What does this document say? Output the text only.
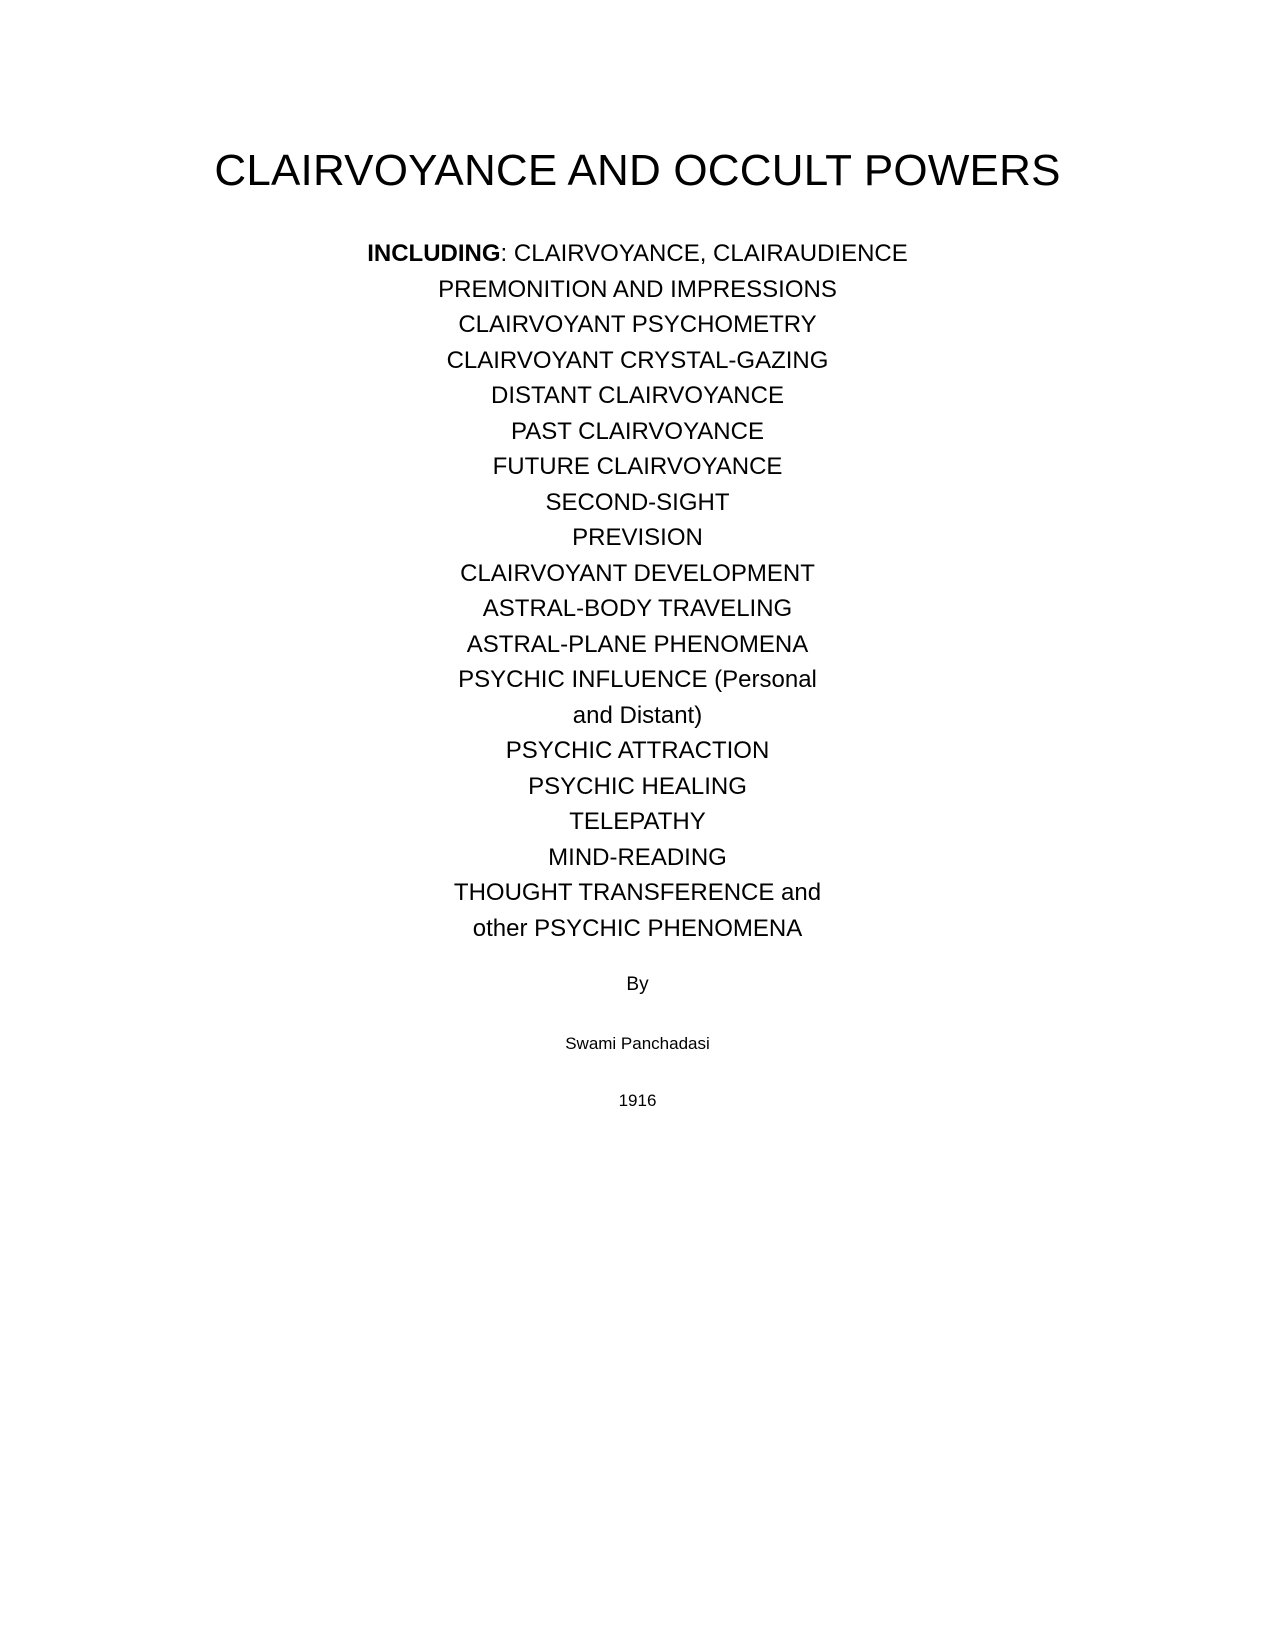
CLAIRVOYANCE AND OCCULT POWERS
INCLUDING: CLAIRVOYANCE, CLAIRAUDIENCE
PREMONITION AND IMPRESSIONS
CLAIRVOYANT PSYCHOMETRY
CLAIRVOYANT CRYSTAL-GAZING
DISTANT CLAIRVOYANCE
PAST CLAIRVOYANCE
FUTURE CLAIRVOYANCE
SECOND-SIGHT
PREVISION
CLAIRVOYANT DEVELOPMENT
ASTRAL-BODY TRAVELING
ASTRAL-PLANE PHENOMENA
PSYCHIC INFLUENCE (Personal
and Distant)
PSYCHIC ATTRACTION
PSYCHIC HEALING
TELEPATHY
MIND-READING
THOUGHT TRANSFERENCE and
other PSYCHIC PHENOMENA
By
Swami Panchadasi
1916
